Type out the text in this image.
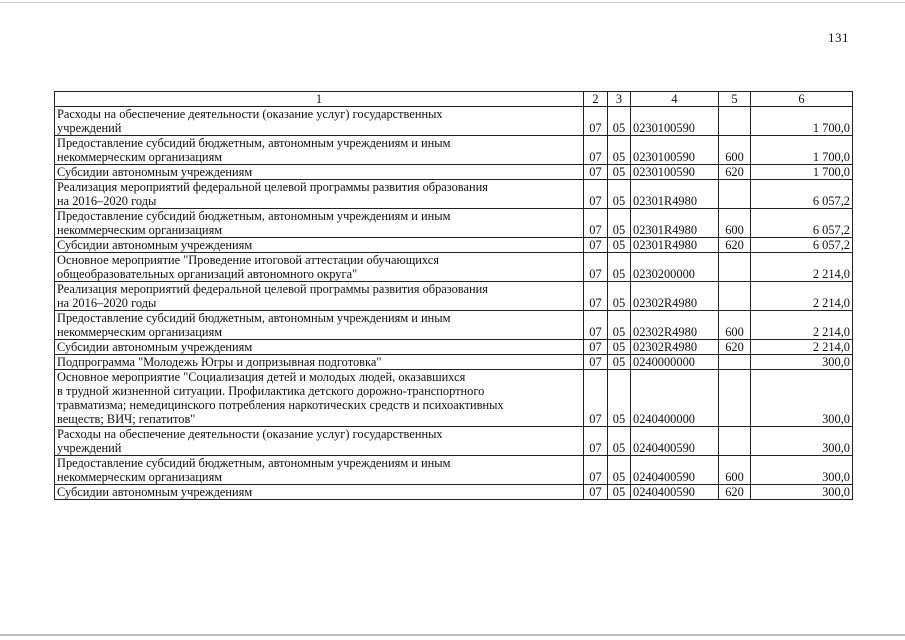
131
1	2	3	4	5	6
Расходы на обеспечение деятельности (оказание услуг) государственных
учреждений	07	05	0230100590		1 700,0
Предоставление субсидий бюджетным, автономным учреждениям и иным
некоммерческим организациям	07	05	0230100590	600	1 700,0
Субсидии автономным учреждениям	07	05	0230100590	620	1 700,0
Реализация мероприятий федеральной целевой программы развития образования
на 2016–2020 годы	07	05	02301R4980		6 057,2
Предоставление субсидий бюджетным, автономным учреждениям и иным
некоммерческим организациям	07	05	02301R4980	600	6 057,2
Субсидии автономным учреждениям	07	05	02301R4980	620	6 057,2
Основное мероприятие "Проведение итоговой аттестации обучающихся
общеобразовательных организаций автономного округа"	07	05	0230200000		2 214,0
Реализация мероприятий федеральной целевой программы развития образования
на 2016–2020 годы	07	05	02302R4980		2 214,0
Предоставление субсидий бюджетным, автономным учреждениям и иным
некоммерческим организациям	07	05	02302R4980	600	2 214,0
Субсидии автономным учреждениям	07	05	02302R4980	620	2 214,0
Подпрограмма "Молодежь Югры и допризывная подготовка"	07	05	0240000000		300,0
Основное мероприятие "Социализация детей и молодых людей, оказавшихся
в трудной жизненной ситуации. Профилактика детского дорожно-транспортного
травматизма; немедицинского потребления наркотических средств и психоактивных
веществ; ВИЧ; гепатитов"	07	05	0240400000		300,0
Расходы на обеспечение деятельности (оказание услуг) государственных
учреждений	07	05	0240400590		300,0
Предоставление субсидий бюджетным, автономным учреждениям и иным
некоммерческим организациям	07	05	0240400590	600	300,0
Субсидии автономным учреждениям	07	05	0240400590	620	300,0
